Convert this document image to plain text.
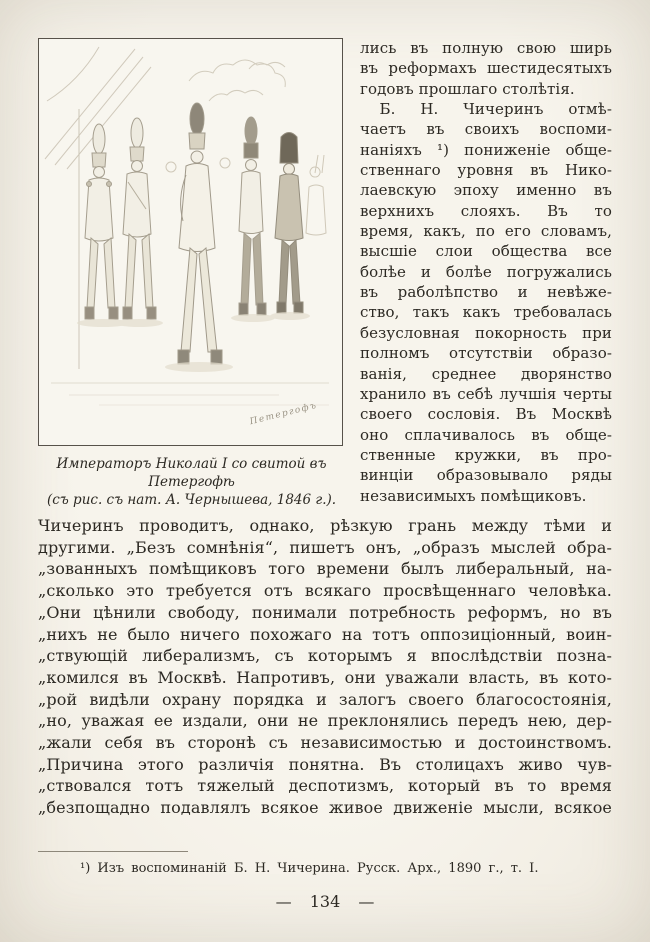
Петергофъ
Императоръ Николай I со свитой въ Петергофѣ
(съ рис. съ нат. А. Чернышева, 1846 г.).
лись въ полную свою ширь
въ реформахъ шестидесятыхъ
годовъ прошлаго столѣтія.
Б. Н. Чичеринъ отмѣ-
чаетъ въ своихъ воспоми-
наніяхъ ¹) пониженіе обще-
ственнаго уровня въ Нико-
лаевскую эпоху именно въ
верхнихъ слояхъ. Въ то
время, какъ, по его словамъ,
высшіе слои общества все
болѣе и болѣе погружались
въ раболѣпство и невѣже-
ство, такъ какъ требовалась
безусловная покорность при
полномъ отсутствіи образо-
ванія, среднее дворянство
хранило въ себѣ лучшія черты
своего сословія. Въ Москвѣ
оно сплачивалось въ обще-
ственные кружки, въ про-
винціи образовывало ряды
независимыхъ помѣщиковъ.
Чичеринъ проводитъ, однако, рѣзкую грань между тѣми и
другими. „Безъ сомнѣнія“, пишетъ онъ, „образъ мыслей обра-
„зованныхъ помѣщиковъ того времени былъ либеральный, на-
„сколько это требуется отъ всякаго просвѣщеннаго человѣка.
„Они цѣнили свободу, понимали потребность реформъ, но въ
„нихъ не было ничего похожаго на тотъ оппозиціонный, воин-
„ствующій либерализмъ, съ которымъ я впослѣдствіи позна-
„комился въ Москвѣ. Напротивъ, они уважали власть, въ кото-
„рой видѣли охрану порядка и залогъ своего благосостоянія,
„но, уважая ее издали, они не преклонялись передъ нею, дер-
„жали себя въ сторонѣ съ независимостью и достоинствомъ.
„Причина этого различія понятна. Въ столицахъ живо чув-
„ствовался тотъ тяжелый деспотизмъ, который въ то время
„безпощадно подавлялъ всякое живое движеніе мысли, всякое
¹) Изъ воспоминаній Б. Н. Чичерина. Русск. Арх., 1890 г., т. I.
— 134 —
